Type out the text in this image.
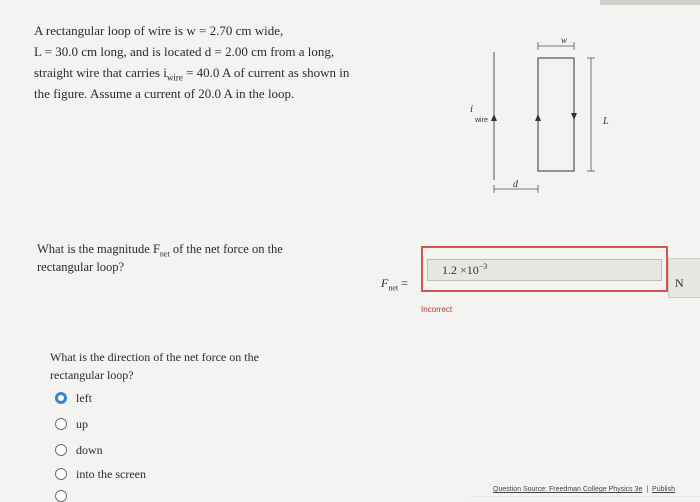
A rectangular loop of wire is w = 2.70 cm wide,
L = 30.0 cm long, and is located d = 2.00 cm from a long,
straight wire that carries $i_{wire} = 40.0$ A of current as shown in
the figure. Assume a current of 20.0 A in the loop.
i
wire
w
L
d
What is the magnitude $F_{net}$ of the net force on the
rectangular loop?
$F_{net}$ =
$1.2 \times 10^{-3}$
N
Incorrect
What is the direction of the net force on the
rectangular loop?
left
up
down
into the screen
Question Source: Freedman College Physics 3e | Publish
